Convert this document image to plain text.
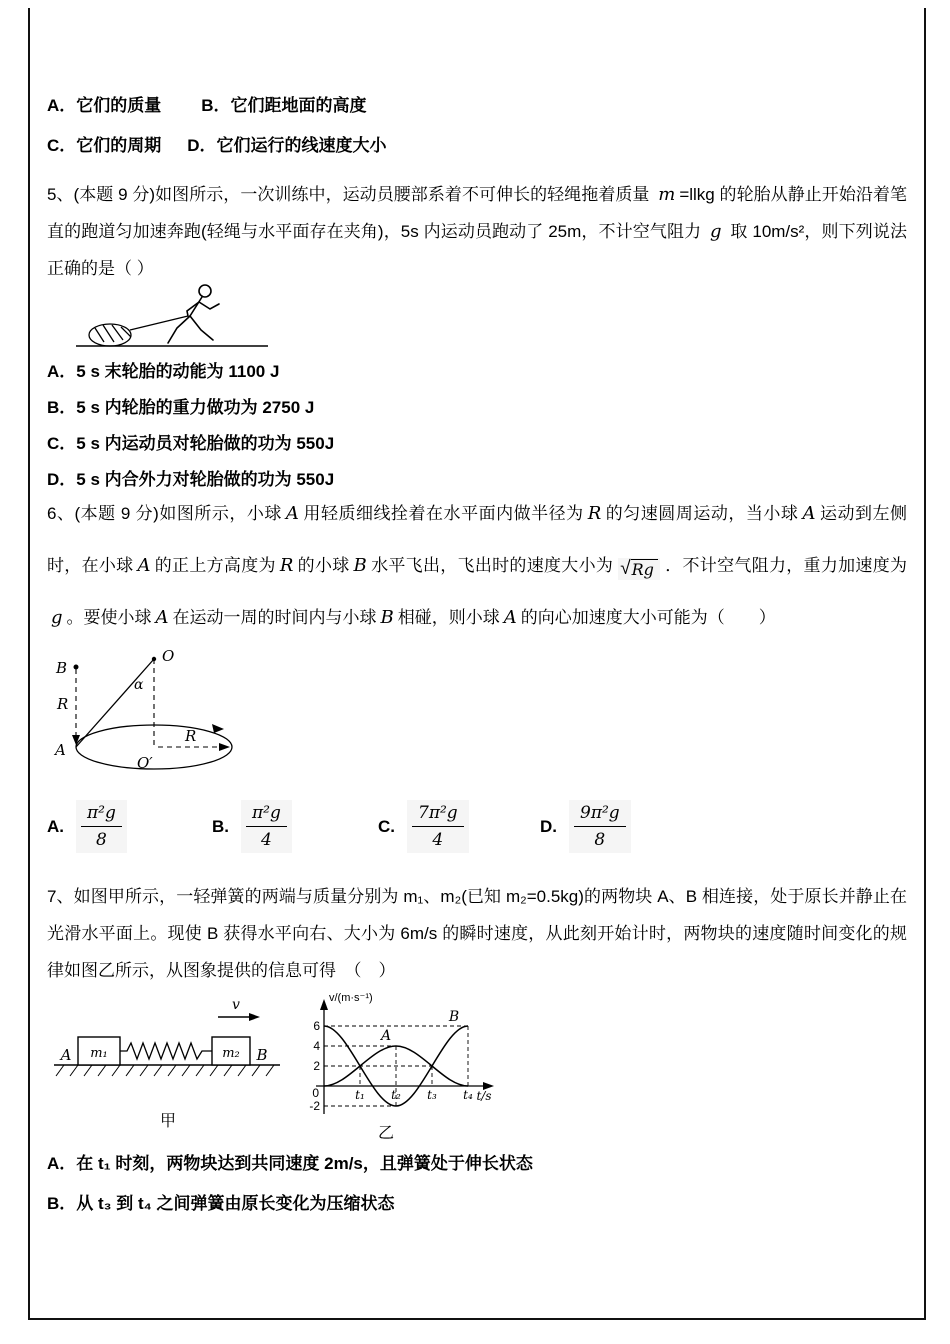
A．它们的质量 B．它们距地面的高度
C．它们的周期 D．它们运行的线速度大小
5、(本题 9 分)如图所示，一次训练中，运动员腰部系着不可伸长的轻绳拖着质量 m =llkg 的轮胎从静止开始沿着笔直的跑道匀加速奔跑(轻绳与水平面存在夹角)，5s 内运动员跑动了 25m，不计空气阻力 g 取 10m/s²，则下列说法正确的是（ ）
A．5 s 末轮胎的动能为 1100 J
B．5 s 内轮胎的重力做功为 2750 J
C．5 s 内运动员对轮胎做的功为 550J
D．5 s 内合外力对轮胎做的功为 550J
6、(本题 9 分)如图所示，小球 A 用轻质细线拴着在水平面内做半径为 R 的匀速圆周运动，当小球 A 运动到左侧时，在小球 A 的正上方高度为 R 的小球 B 水平飞出，飞出时的速度大小为 √ Rg ．不计空气阻力，重力加速度为g 。要使小球 A 在运动一周的时间内与小球 B 相碰，则小球 A 的向心加速度大小可能为（　　）
O
α
O′
R
B
R
A
A. $\frac{\text{π²g}}{8}$	B. $\frac{\text{π²g}}{4}$	C. $\frac{\text{7π²g}}{4}$	D. $\frac{\text{9π²g}}{8}$
7、如图甲所示，一轻弹簧的两端与质量分别为 m₁、m₂(已知 m₂=0.5kg)的两物块 A、B 相连接，处于原长并静止在光滑水平面上。现使 B 获得水平向右、大小为 6m/s 的瞬时速度，从此刻开始计时，两物块的速度随时间变化的规律如图乙所示，从图象提供的信息可得　（　）
m₁	m₂
A	B
v
甲
v/(m·s⁻¹)
t/s
6
4
2
0
-2
t₁ t₂ t₃ t₄
A
B
乙
A．在 t₁ 时刻，两物块达到共同速度 2m/s，且弹簧处于伸长状态
B．从 t₃ 到 t₄ 之间弹簧由原长变化为压缩状态
